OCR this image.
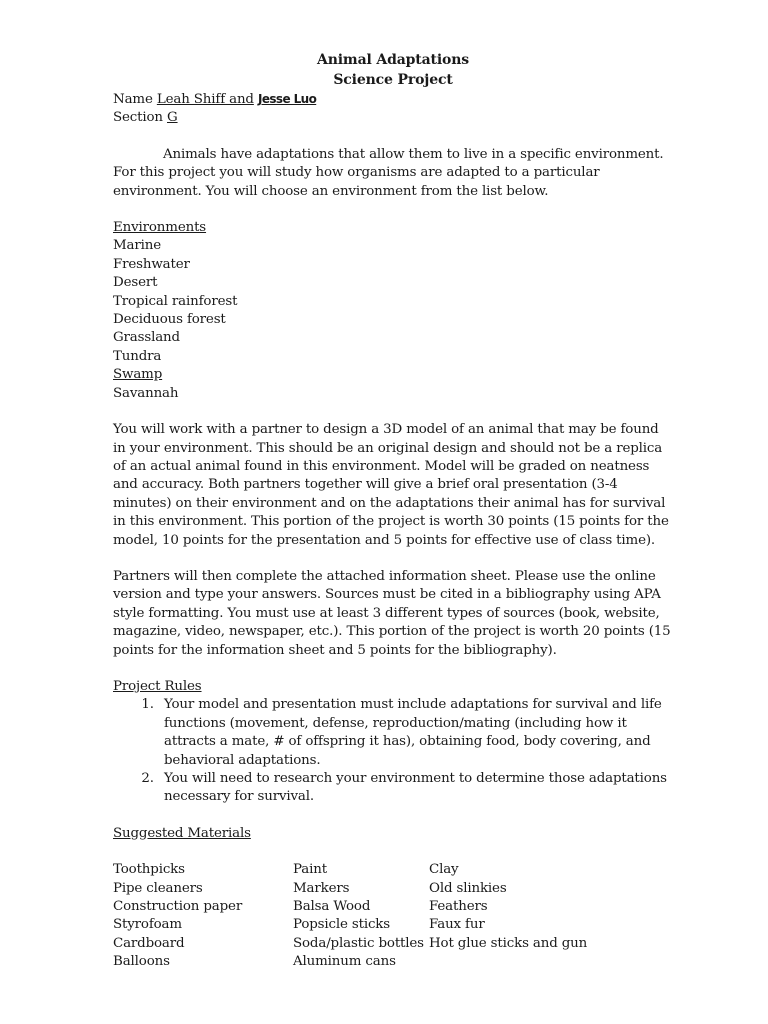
Animal Adaptations
Science Project

Name Leah Shiff and Jesse Luo

Section G

Animals have adaptations that allow them to live in a specific environment. For this project you will study how organisms are adapted to a particular environment. You will choose an environment from the list below.

Environments

Marine

Freshwater

Desert

Tropical rainforest

Deciduous forest

Grassland

Tundra

Swamp

Savannah

You will work with a partner to design a 3D model of an animal that may be found in your environment. This should be an original design and should not be a replica of an actual animal found in this environment. Model will be graded on neatness and accuracy. Both partners together will give a brief oral presentation (3-4 minutes) on their environment and on the adaptations their animal has for survival in this environment. This portion of the project is worth 30 points (15 points for the model, 10 points for the presentation and 5 points for effective use of class time).

Partners will then complete the attached information sheet. Please use the online version and type your answers. Sources must be cited in a bibliography using APA style formatting. You must use at least 3 different types of sources (book, website, magazine, video, newspaper, etc.). This portion of the project is worth 20 points (15 points for the information sheet and 5 points for the bibliography).

Project Rules

1. Your model and presentation must include adaptations for survival and life functions (movement, defense, reproduction/mating (including how it attracts a mate, # of offspring it has), obtaining food, body covering, and behavioral adaptations.
2. You will need to research your environment to determine those adaptations necessary for survival.

Suggested Materials

Toothpicks	Paint	Clay
Pipe cleaners	Markers	Old slinkies
Construction paper	Balsa Wood	Feathers
Styrofoam	Popsicle sticks	Faux fur
Cardboard	Soda/plastic bottles	Hot glue sticks and gun
Balloons	Aluminum cans	
